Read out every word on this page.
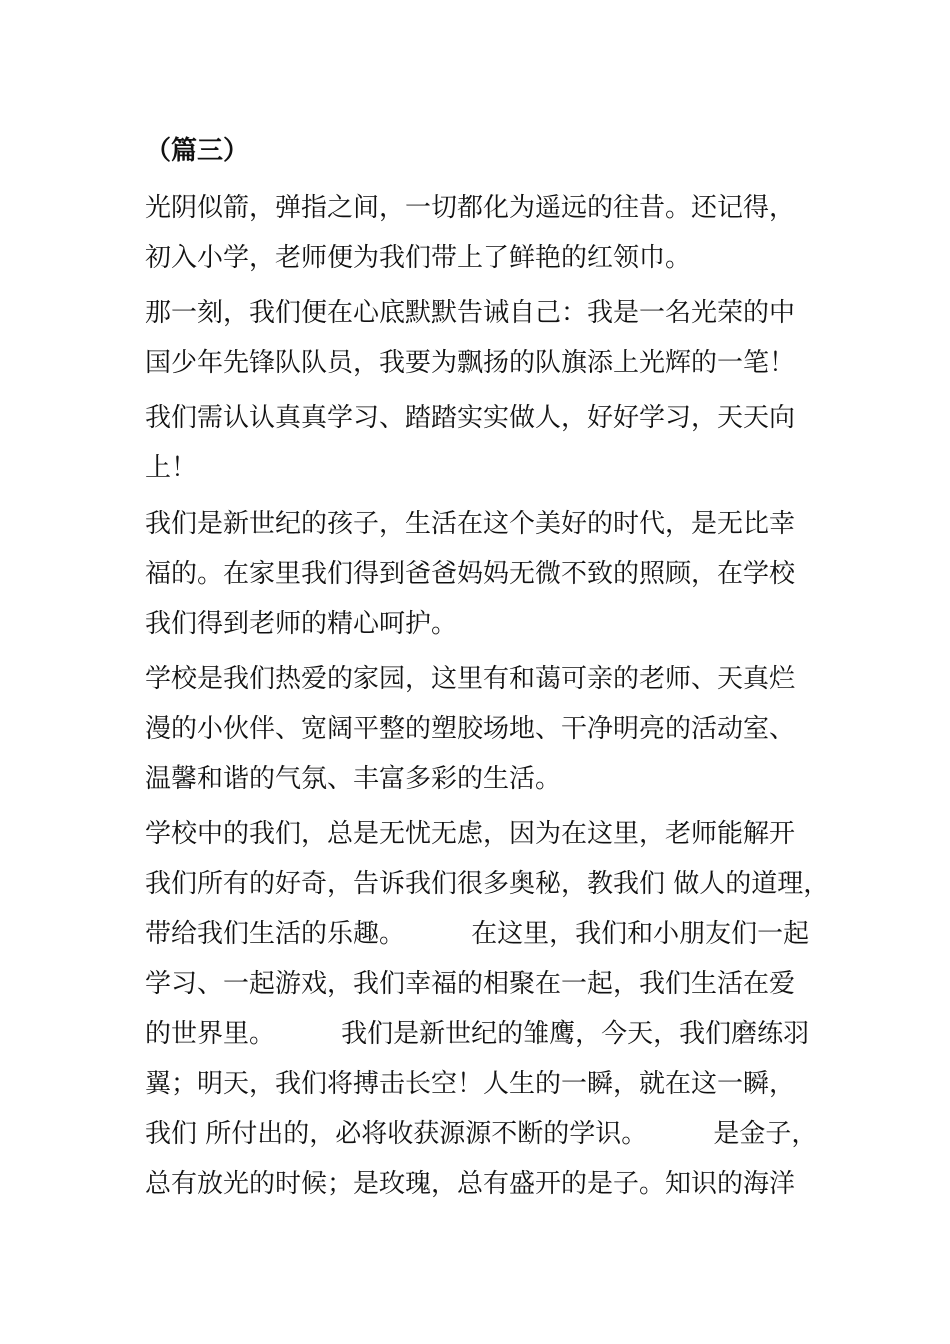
（篇三）
光阴似箭，弹指之间，一切都化为遥远的往昔。还记得，
初入小学，老师便为我们带上了鲜艳的红领巾。
那一刻，我们便在心底默默告诫自己：我是一名光荣的中
国少年先锋队队员，我要为飘扬的队旗添上光辉的一笔！
我们需认认真真学习、踏踏实实做人，好好学习，天天向
上！
我们是新世纪的孩子，生活在这个美好的时代，是无比幸
福的。在家里我们得到爸爸妈妈无微不致的照顾，在学校
我们得到老师的精心呵护。
学校是我们热爱的家园，这里有和蔼可亲的老师、天真烂
漫的小伙伴、宽阔平整的塑胶场地、干净明亮的活动室、
温馨和谐的气氛、丰富多彩的生活。
学校中的我们，总是无忧无虑，因为在这里，老师能解开
我们所有的好奇，告诉我们很多奥秘，教我们 做人的道理，
带给我们生活的乐趣。        在这里，我们和小朋友们一起
学习、一起游戏，我们幸福的相聚在一起，我们生活在爱
的世界里。        我们是新世纪的雏鹰，今天，我们磨练羽
翼；明天，我们将搏击长空！人生的一瞬，就在这一瞬，
我们 所付出的，必将收获源源不断的学识。        是金子，
总有放光的时候；是玫瑰，总有盛开的是子。知识的海洋
